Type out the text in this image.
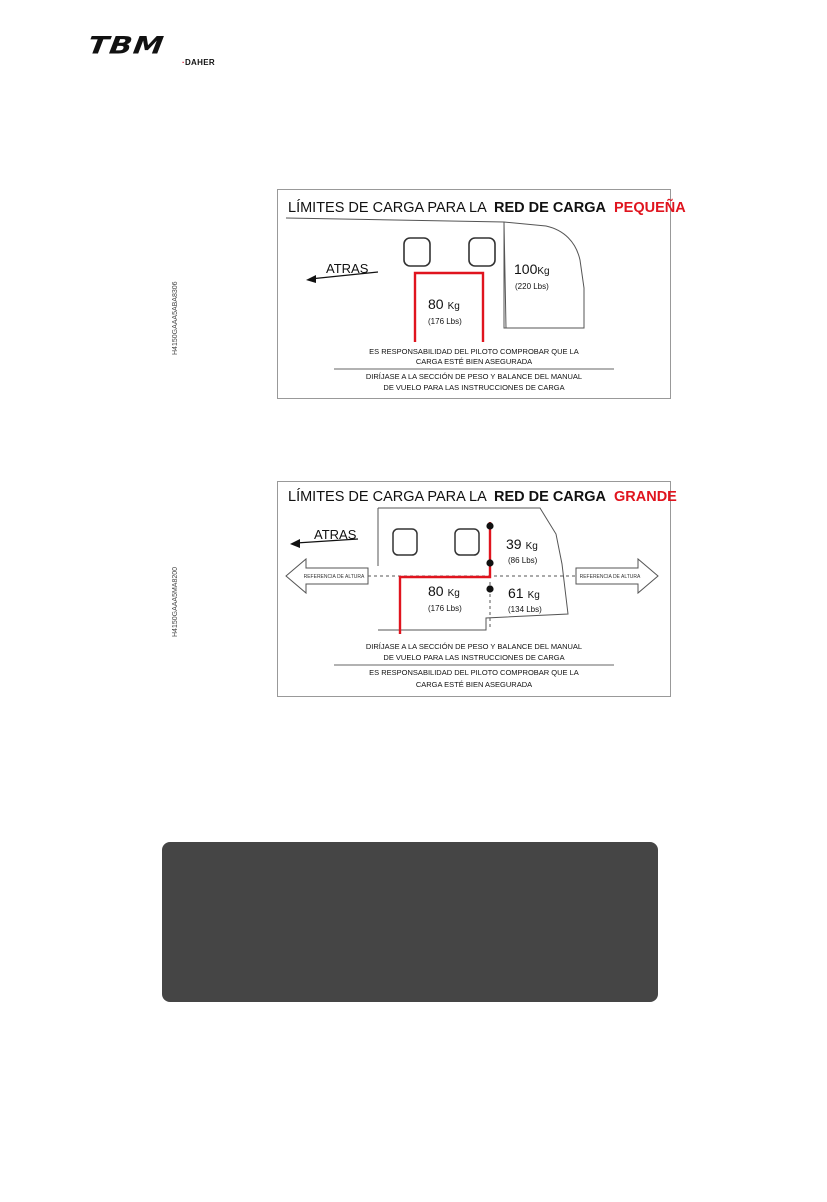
TBM
·DAHER
H4150GAAA5ABA8306
LÍMITES DE CARGA PARA LA RED DE CARGA PEQUEÑA
ATRAS
80 Kg
(176 Lbs)
100Kg
(220 Lbs)
ES RESPONSABILIDAD DEL PILOTO COMPROBAR QUE LA
CARGA ESTÉ BIEN ASEGURADA
DIRÍJASE A LA SECCIÓN DE PESO Y BALANCE DEL MANUAL
DE VUELO PARA LAS INSTRUCCIONES DE CARGA
H4150GAAA5MA8200
LÍMITES DE CARGA PARA LA RED DE CARGA GRANDE
ATRAS
REFERENCIA DE ALTURA	REFERENCIA DE ALTURA
39 Kg
(86 Lbs)
61 Kg
(134 Lbs)
80 Kg
(176 Lbs)
DIRÍJASE A LA SECCIÓN DE PESO Y BALANCE DEL MANUAL
DE VUELO PARA LAS INSTRUCCIONES DE CARGA
ES RESPONSABILIDAD DEL PILOTO COMPROBAR QUE LA
CARGA ESTÉ BIEN ASEGURADA
